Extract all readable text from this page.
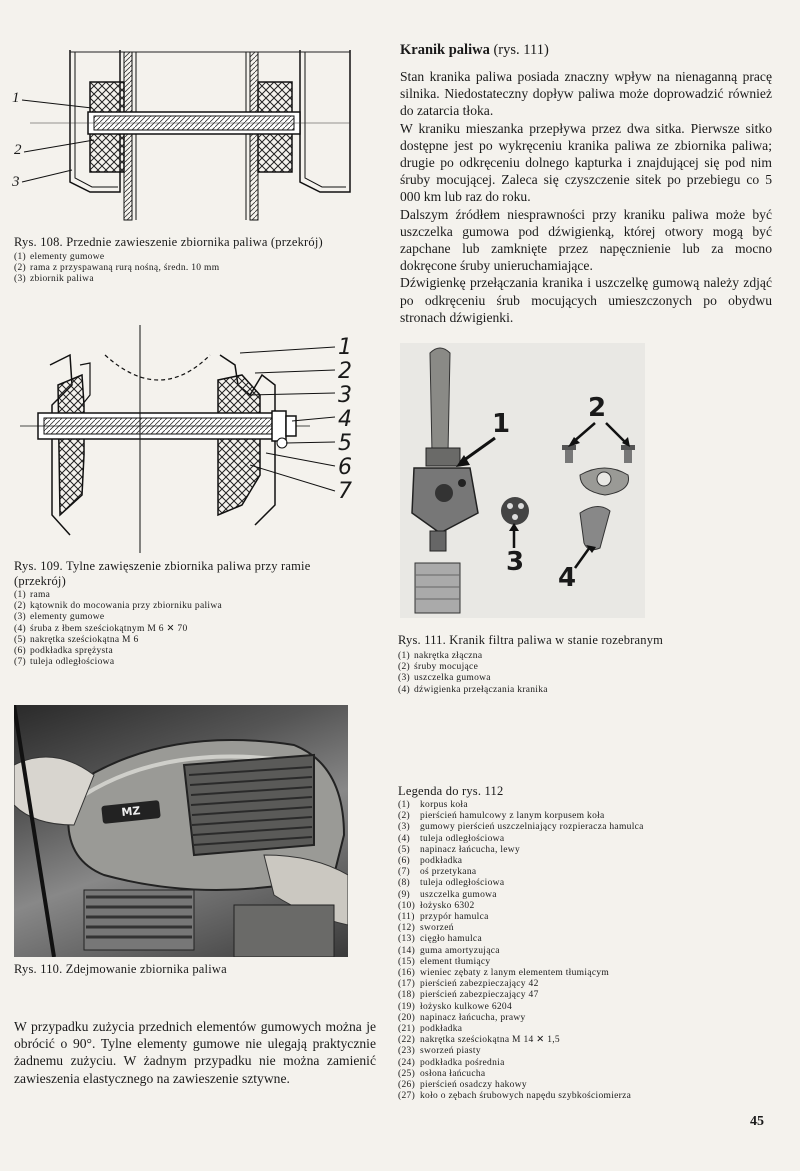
1
2
3
Rys. 108. Przednie zawieszenie zbiornika paliwa (przekrój)
(1) elementy gumowe
(2) rama z przyspawaną rurą nośną, średn. 10 mm
(3) zbiornik paliwa
1
2
3
4
5
6
7
Rys. 109. Tylne zawięszenie zbiornika paliwa przy ramie (przekrój)
(1) rama
(2) kątownik do mocowania przy zbiorniku paliwa
(3) elementy gumowe
(4) śruba z łbem sześciokątnym M 6 ✕ 70
(5) nakrętka sześciokątna M 6
(6) podkładka sprężysta
(7) tuleja odległościowa
MZ
Rys. 110. Zdejmowanie zbiornika paliwa
W przypadku zużycia przednich elementów gumowych można je obrócić o 90°. Tylne elementy gumowe nie ulegają praktycznie żadnemu zużyciu. W żadnym przypadku nie można zamienić zawieszenia elastycznego na zawieszenie sztywne.
Kranik paliwa (rys. 111)

Stan kranika paliwa posiada znaczny wpływ na nienaganną pracę silnika. Niedostateczny dopływ paliwa może doprowadzić również do zatarcia tłoka.

W kraniku mieszanka przepływa przez dwa sitka. Pierwsze sitko dostępne jest po wykręceniu kranika paliwa ze zbiornika paliwa; drugie po odkręceniu dolnego kapturka i znajdującej się pod nim śruby mocującej. Zaleca się czyszczenie sitek po przebiegu co 5 000 km lub raz do roku.

Dalszym źródłem niesprawności przy kraniku paliwa może być uszczelka gumowa pod dźwigienką, której otwory mogą być zapchane lub zamknięte przez napęcznienie lub za mocno dokręcone śruby unieruchamiające.

Dźwigienkę przełączania kranika i uszczelkę gumową należy zdjąć po odkręceniu śrub mocujących umieszczonych po obydwu stronach dźwigienki.

1
2
3
4
Rys. 111. Kranik filtra paliwa w stanie rozebranym
(1) nakrętka złączna
(2) śruby mocujące
(3) uszczelka gumowa
(4) dźwigienka przełączania kranika
Legenda do rys. 112
(1) korpus koła
(2) pierścień hamulcowy z lanym korpusem koła
(3) gumowy pierścień uszczelniający rozpieracza hamulca
(4) tuleja odległościowa
(5) napinacz łańcucha, lewy
(6) podkładka
(7) oś przetykana
(8) tuleja odległościowa
(9) uszczelka gumowa
(10) łożysko 6302
(11) przypór hamulca
(12) sworzeń
(13) cięgło hamulca
(14) guma amortyzująca
(15) element tłumiący
(16) wieniec zębaty z lanym elementem tłumiącym
(17) pierścień zabezpieczający 42
(18) pierścień zabezpieczający 47
(19) łożysko kulkowe 6204
(20) napinacz łańcucha, prawy
(21) podkładka
(22) nakrętka sześciokątna M 14 ✕ 1,5
(23) sworzeń piasty
(24) podkładka pośrednia
(25) osłona łańcucha
(26) pierścień osadczy hakowy
(27) koło o zębach śrubowych napędu szybkościomierza
45
